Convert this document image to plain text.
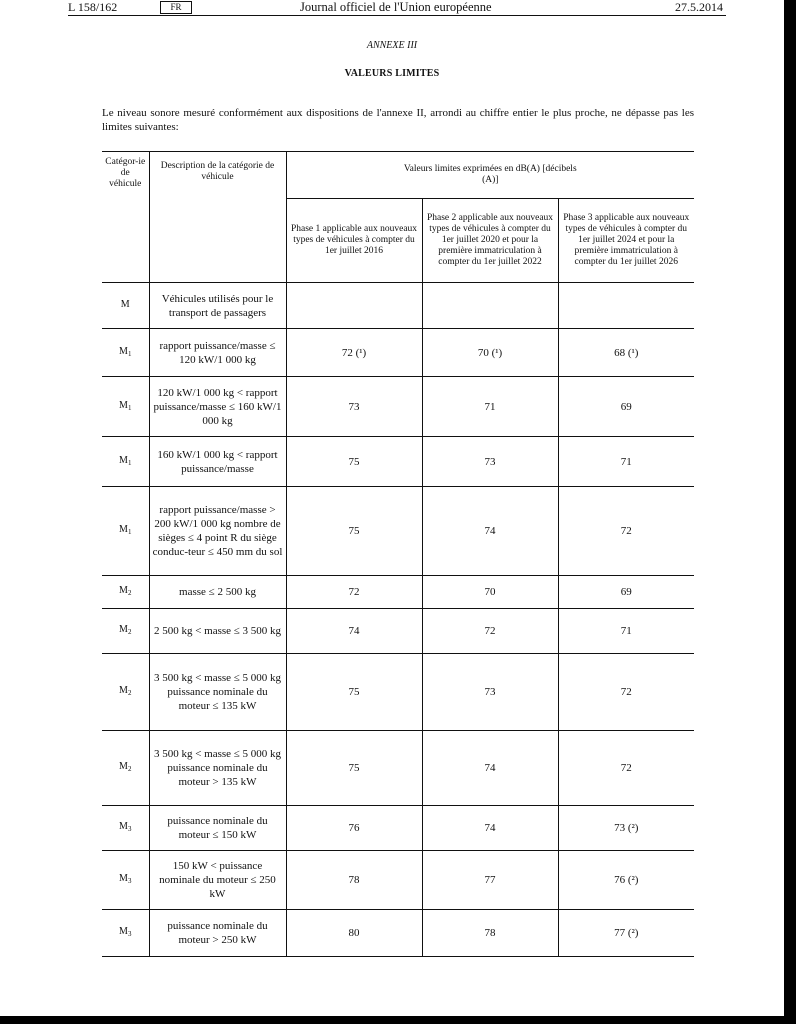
L 158/162	FR	Journal officiel de l'Union européenne	27.5.2014
ANNEXE III
VALEURS LIMITES
Le niveau sonore mesuré conformément aux dispositions de l'annexe II, arrondi au chiffre entier le plus proche, ne dépasse pas les limites suivantes:
Catégor-ie de véhicule	Description de la catégorie de véhicule	Valeurs limites exprimées en dB(A) [décibels (A)]		
		Phase 1 applicable aux nouveaux types de véhicules à compter du 1er juillet 2016	Phase 2 applicable aux nouveaux types de véhicules à compter du 1er juillet 2020 et pour la première immatriculation à compter du 1er juillet 2022	Phase 3 applicable aux nouveaux types de véhicules à compter du 1er juillet 2024 et pour la première immatriculation à compter du 1er juillet 2026
M	Véhicules utilisés pour le transport de passagers			
$M_1$	rapport puissance/masse ≤ 120 kW/1 000 kg	72 (¹)	70 (¹)	68 (¹)
$M_1$	120 kW/1 000 kg < rapport puissance/masse ≤ 160 kW/1 000 kg	73	71	69
$M_1$	160 kW/1 000 kg < rapport puissance/masse	75	73	71
$M_1$	rapport puissance/masse > 200 kW/1 000 kg nombre de sièges ≤ 4 point R du siège conduc-teur ≤ 450 mm du sol	75	74	72
$M_2$	masse ≤ 2 500 kg	72	70	69
$M_2$	2 500 kg < masse ≤ 3 500 kg	74	72	71
$M_2$	3 500 kg < masse ≤ 5 000 kg puissance nominale du moteur ≤ 135 kW	75	73	72
$M_2$	3 500 kg < masse ≤ 5 000 kg puissance nominale du moteur > 135 kW	75	74	72
$M_3$	puissance nominale du moteur ≤ 150 kW	76	74	73 (²)
$M_3$	150 kW < puissance nominale du moteur ≤ 250 kW	78	77	76 (²)
$M_3$	puissance nominale du moteur > 250 kW	80	78	77 (²)
